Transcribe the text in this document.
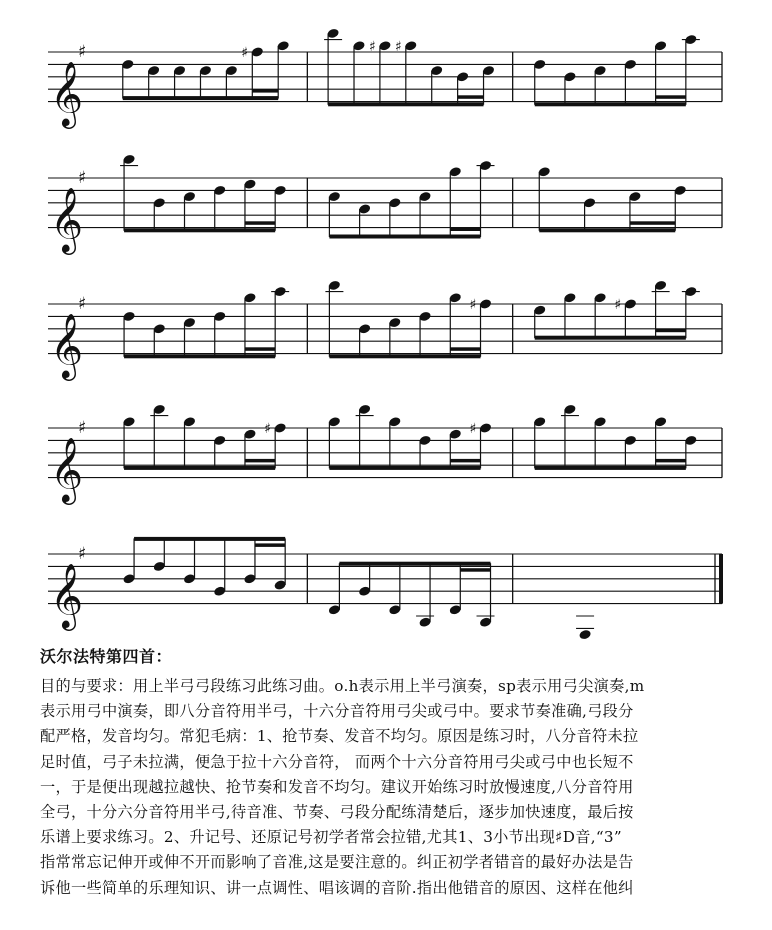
𝄞
♯	♯	♯ ♯
𝄞
♯
𝄞
♯	♯	♯
𝄞
♯	♯	♯
𝄞
♯

沃尔法特第四首：

目的与要求：用上半弓弓段练习此练习曲。o.h表示用上半弓演奏，sp表示用弓尖演奏,m
表示用弓中演奏，即八分音符用半弓，十六分音符用弓尖或弓中。要求节奏准确,弓段分
配严格，发音均匀。常犯毛病：1、抢节奏、发音不均匀。原因是练习时，八分音符未拉
足时值，弓子未拉满，便急于拉十六分音符， 而两个十六分音符用弓尖或弓中也长短不
一，于是便出现越拉越快、抢节奏和发音不均匀。建议开始练习时放慢速度,八分音符用
全弓，十分六分音符用半弓,待音准、节奏、弓段分配练清楚后，逐步加快速度，最后按
乐谱上要求练习。2、升记号、还原记号初学者常会拉错,尤其1、3小节出现♯D音,“3”
指常常忘记伸开或伸不开而影响了音准,这是要注意的。纠正初学者错音的最好办法是告
诉他一些简单的乐理知识、讲一点调性、唱该调的音阶.指出他错音的原因、这样在他纠
